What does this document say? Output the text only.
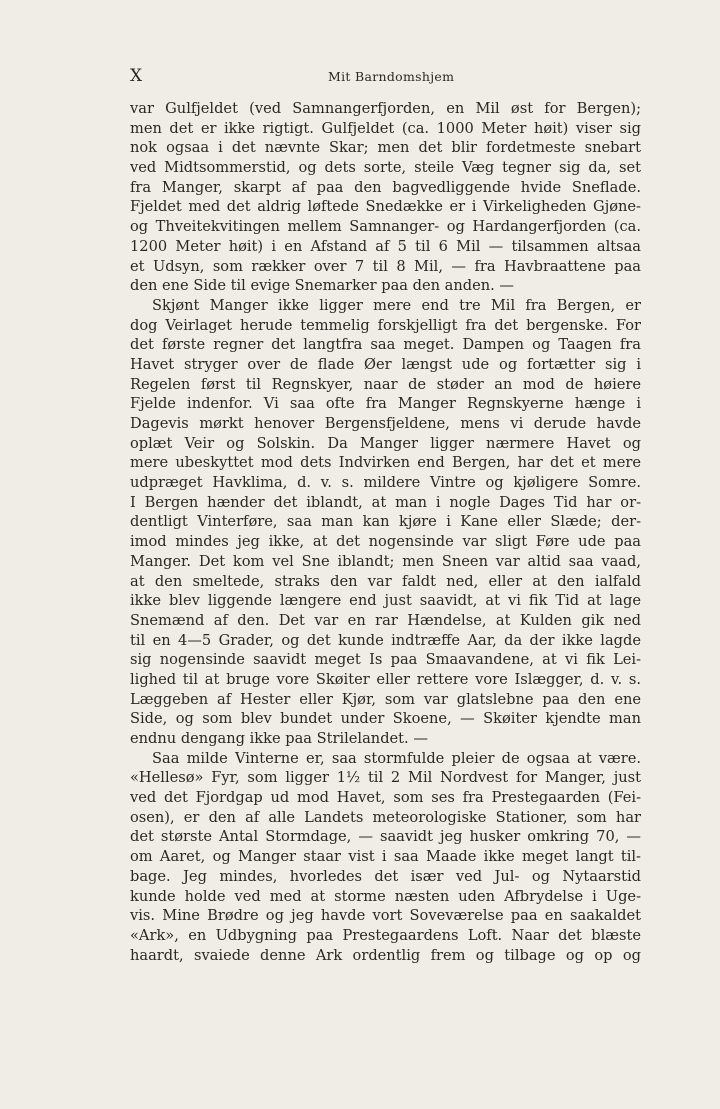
X	Mit Barndomshjem
var Gulfjeldet (ved Samnangerfjorden, en Mil øst for Bergen);
men det er ikke rigtigt. Gulfjeldet (ca. 1000 Meter høit) viser sig
nok ogsaa i det nævnte Skar; men det blir fordetmeste snebart
ved Midtsommerstid, og dets sorte, steile Væg tegner sig da, set
fra Manger, skarpt af paa den bagvedliggende hvide Sneflade.
Fjeldet med det aldrig løftede Snedække er i Virkeligheden Gjøne-
og Thveitekvitingen mellem Samnanger- og Hardangerfjorden (ca.
1200 Meter høit) i en Afstand af 5 til 6 Mil — tilsammen altsaa
et Udsyn, som rækker over 7 til 8 Mil, — fra Havbraattene paa
den ene Side til evige Snemarker paa den anden. —
Skjønt Manger ikke ligger mere end tre Mil fra Bergen, er
dog Veirlaget herude temmelig forskjelligt fra det bergenske. For
det første regner det langtfra saa meget. Dampen og Taagen fra
Havet stryger over de flade Øer længst ude og fortætter sig i
Regelen først til Regnskyer, naar de støder an mod de høiere
Fjelde indenfor. Vi saa ofte fra Manger Regnskyerne hænge i
Dagevis mørkt henover Bergensfjeldene, mens vi derude havde
oplæt Veir og Solskin. Da Manger ligger nærmere Havet og
mere ubeskyttet mod dets Indvirken end Bergen, har det et mere
udpræget Havklima, d. v. s. mildere Vintre og kjøligere Somre.
I Bergen hænder det iblandt, at man i nogle Dages Tid har or-
dentligt Vinterføre, saa man kan kjøre i Kane eller Slæde; der-
imod mindes jeg ikke, at det nogensinde var sligt Føre ude paa
Manger. Det kom vel Sne iblandt; men Sneen var altid saa vaad,
at den smeltede, straks den var faldt ned, eller at den ialfald
ikke blev liggende længere end just saavidt, at vi fik Tid at lage
Snemænd af den. Det var en rar Hændelse, at Kulden gik ned
til en 4—5 Grader, og det kunde indtræffe Aar, da der ikke lagde
sig nogensinde saavidt meget Is paa Smaavandene, at vi fik Lei-
lighed til at bruge vore Skøiter eller rettere vore Islægger, d. v. s.
Læggeben af Hester eller Kjør, som var glatslebne paa den ene
Side, og som blev bundet under Skoene, — Skøiter kjendte man
endnu dengang ikke paa Strilelandet. —
Saa milde Vinterne er, saa stormfulde pleier de ogsaa at være.
«Hellesø» Fyr, som ligger 1½ til 2 Mil Nordvest for Manger, just
ved det Fjordgap ud mod Havet, som ses fra Prestegaarden (Fei-
osen), er den af alle Landets meteorologiske Stationer, som har
det største Antal Stormdage, — saavidt jeg husker omkring 70, —
om Aaret, og Manger staar vist i saa Maade ikke meget langt til-
bage. Jeg mindes, hvorledes det især ved Jul- og Nytaarstid
kunde holde ved med at storme næsten uden Afbrydelse i Uge-
vis. Mine Brødre og jeg havde vort Soveværelse paa en saakaldet
«Ark», en Udbygning paa Prestegaardens Loft. Naar det blæste
haardt, svaiede denne Ark ordentlig frem og tilbage og op og
